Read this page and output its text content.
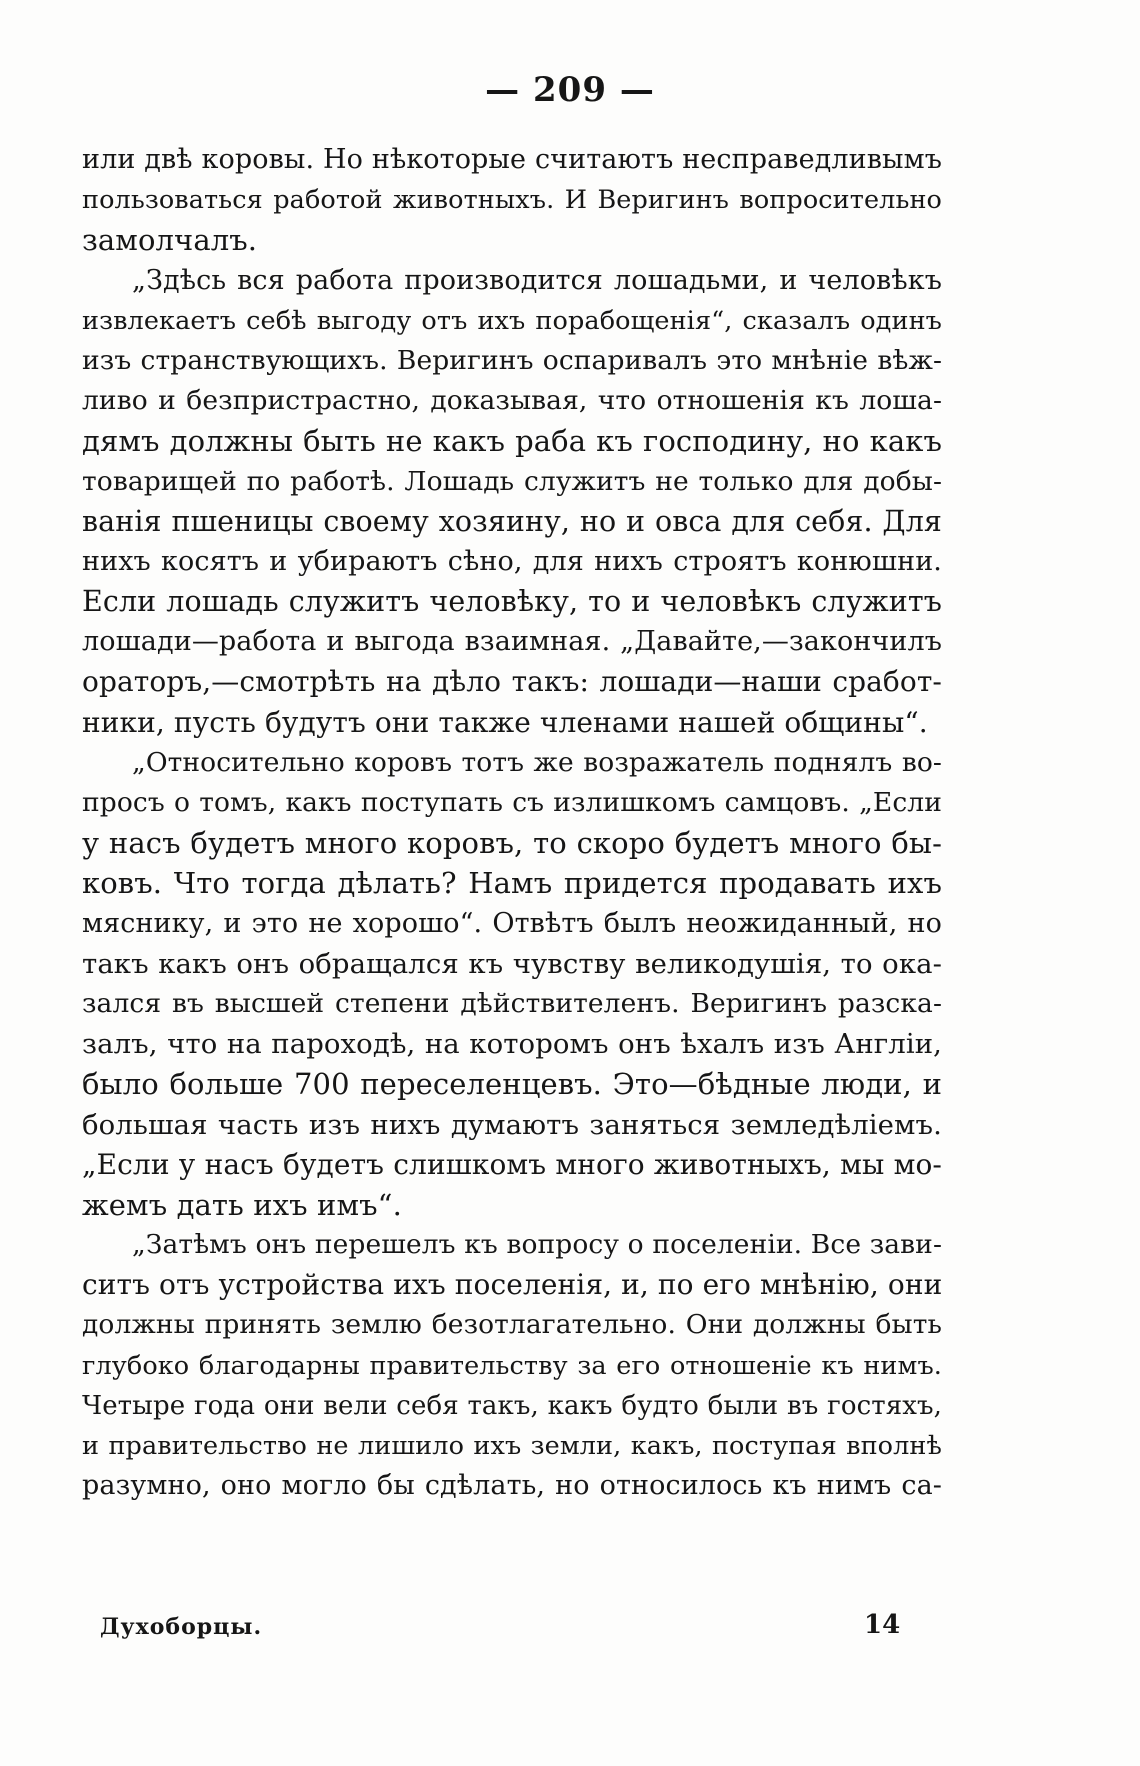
— 209 —
или двѣ коровы. Но нѣкоторые считаютъ несправедливымъ
пользоваться работой животныхъ. И Веригинъ вопросительно
замолчалъ.
„Здѣсь вся работа производится лошадьми, и человѣкъ
извлекаетъ себѣ выгоду отъ ихъ порабощенія“, сказалъ одинъ
изъ странствующихъ. Веригинъ оспаривалъ это мнѣніе вѣж-
ливо и безпристрастно, доказывая, что отношенія къ лоша-
дямъ должны быть не какъ раба къ господину, но какъ
товарищей по работѣ. Лошадь служитъ не только для добы-
ванія пшеницы своему хозяину, но и овса для себя. Для
нихъ косятъ и убираютъ сѣно, для нихъ строятъ конюшни.
Если лошадь служитъ человѣку, то и человѣкъ служитъ
лошади—работа и выгода взаимная. „Давайте,—закончилъ
ораторъ,—смотрѣть на дѣло такъ: лошади—наши сработ-
ники, пусть будутъ они также членами нашей общины“.
„Относительно коровъ тотъ же возражатель поднялъ во-
просъ о томъ, какъ поступать съ излишкомъ самцовъ. „Если
у насъ будетъ много коровъ, то скоро будетъ много бы-
ковъ. Что тогда дѣлать? Намъ придется продавать ихъ
мяснику, и это не хорошо“. Отвѣтъ былъ неожиданный, но
такъ какъ онъ обращался къ чувству великодушія, то ока-
зался въ высшей степени дѣйствителенъ. Веригинъ разска-
залъ, что на пароходѣ, на которомъ онъ ѣхалъ изъ Англіи,
было больше 700 переселенцевъ. Это—бѣдные люди, и
большая часть изъ нихъ думаютъ заняться земледѣліемъ.
„Если у насъ будетъ слишкомъ много животныхъ, мы мо-
жемъ дать ихъ имъ“.
„Затѣмъ онъ перешелъ къ вопросу о поселеніи. Все зави-
ситъ отъ устройства ихъ поселенія, и, по его мнѣнію, они
должны принять землю безотлагательно. Они должны быть
глубоко благодарны правительству за его отношеніе къ нимъ.
Четыре года они вели себя такъ, какъ будто были въ гостяхъ,
и правительство не лишило ихъ земли, какъ, поступая вполнѣ
разумно, оно могло бы сдѣлать, но относилось къ нимъ са-
Духоборцы.	14
